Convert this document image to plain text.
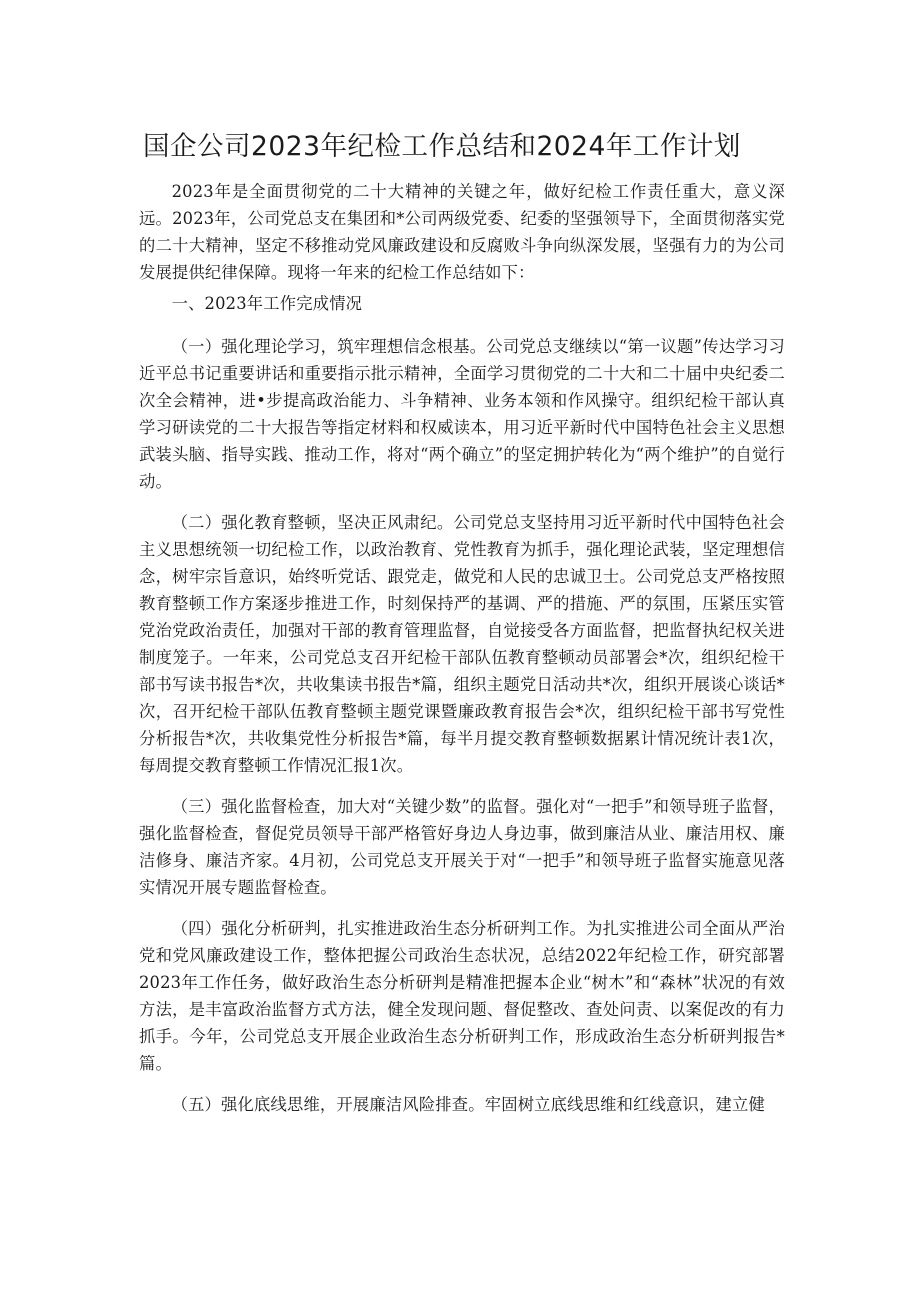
国企公司2023年纪检工作总结和2024年工作计划

2023年是全面贯彻党的二十大精神的关键之年，做好纪检工作责任重大，意义深远。2023年，公司党总支在集团和*公司两级党委、纪委的坚强领导下，全面贯彻落实党的二十大精神，坚定不移推动党风廉政建设和反腐败斗争向纵深发展，坚强有力的为公司发展提供纪律保障。现将一年来的纪检工作总结如下：

一、2023年工作完成情况

（一）强化理论学习，筑牢理想信念根基。公司党总支继续以“第一议题”传达学习习近平总书记重要讲话和重要指示批示精神，全面学习贯彻党的二十大和二十届中央纪委二次全会精神，进•步提高政治能力、斗争精神、业务本领和作风操守。组织纪检干部认真学习研读党的二十大报告等指定材料和权威读本，用习近平新时代中国特色社会主义思想武装头脑、指导实践、推动工作，将对“两个确立”的坚定拥护转化为“两个维护”的自觉行动。

（二）强化教育整顿，坚决正风肃纪。公司党总支坚持用习近平新时代中国特色社会主义思想统领一切纪检工作，以政治教育、党性教育为抓手，强化理论武装，坚定理想信念，树牢宗旨意识，始终听党话、跟党走，做党和人民的忠诚卫士。公司党总支严格按照教育整顿工作方案逐步推进工作，时刻保持严的基调、严的措施、严的氛围，压紧压实管党治党政治责任，加强对干部的教育管理监督，自觉接受各方面监督，把监督执纪权关进制度笼子。一年来，公司党总支召开纪检干部队伍教育整顿动员部署会*次，组织纪检干部书写读书报告*次，共收集读书报告*篇，组织主题党日活动共*次，组织开展谈心谈话*次，召开纪检干部队伍教育整顿主题党课暨廉政教育报告会*次，组织纪检干部书写党性分析报告*次，共收集党性分析报告*篇，每半月提交教育整顿数据累计情况统计表1次，每周提交教育整顿工作情况汇报1次。

（三）强化监督检查，加大对“关键少数”的监督。强化对“一把手”和领导班子监督，强化监督检查，督促党员领导干部严格管好身边人身边事，做到廉洁从业、廉洁用权、廉洁修身、廉洁齐家。4月初，公司党总支开展关于对“一把手”和领导班子监督实施意见落实情况开展专题监督检查。

（四）强化分析研判，扎实推进政治生态分析研判工作。为扎实推进公司全面从严治党和党风廉政建设工作，整体把握公司政治生态状况，总结2022年纪检工作，研究部署2023年工作任务，做好政治生态分析研判是精准把握本企业“树木”和“森林”状况的有效方法，是丰富政治监督方式方法，健全发现问题、督促整改、查处问责、以案促改的有力抓手。今年，公司党总支开展企业政治生态分析研判工作，形成政治生态分析研判报告*篇。

（五）强化底线思维，开展廉洁风险排查。牢固树立底线思维和红线意识，建立健
